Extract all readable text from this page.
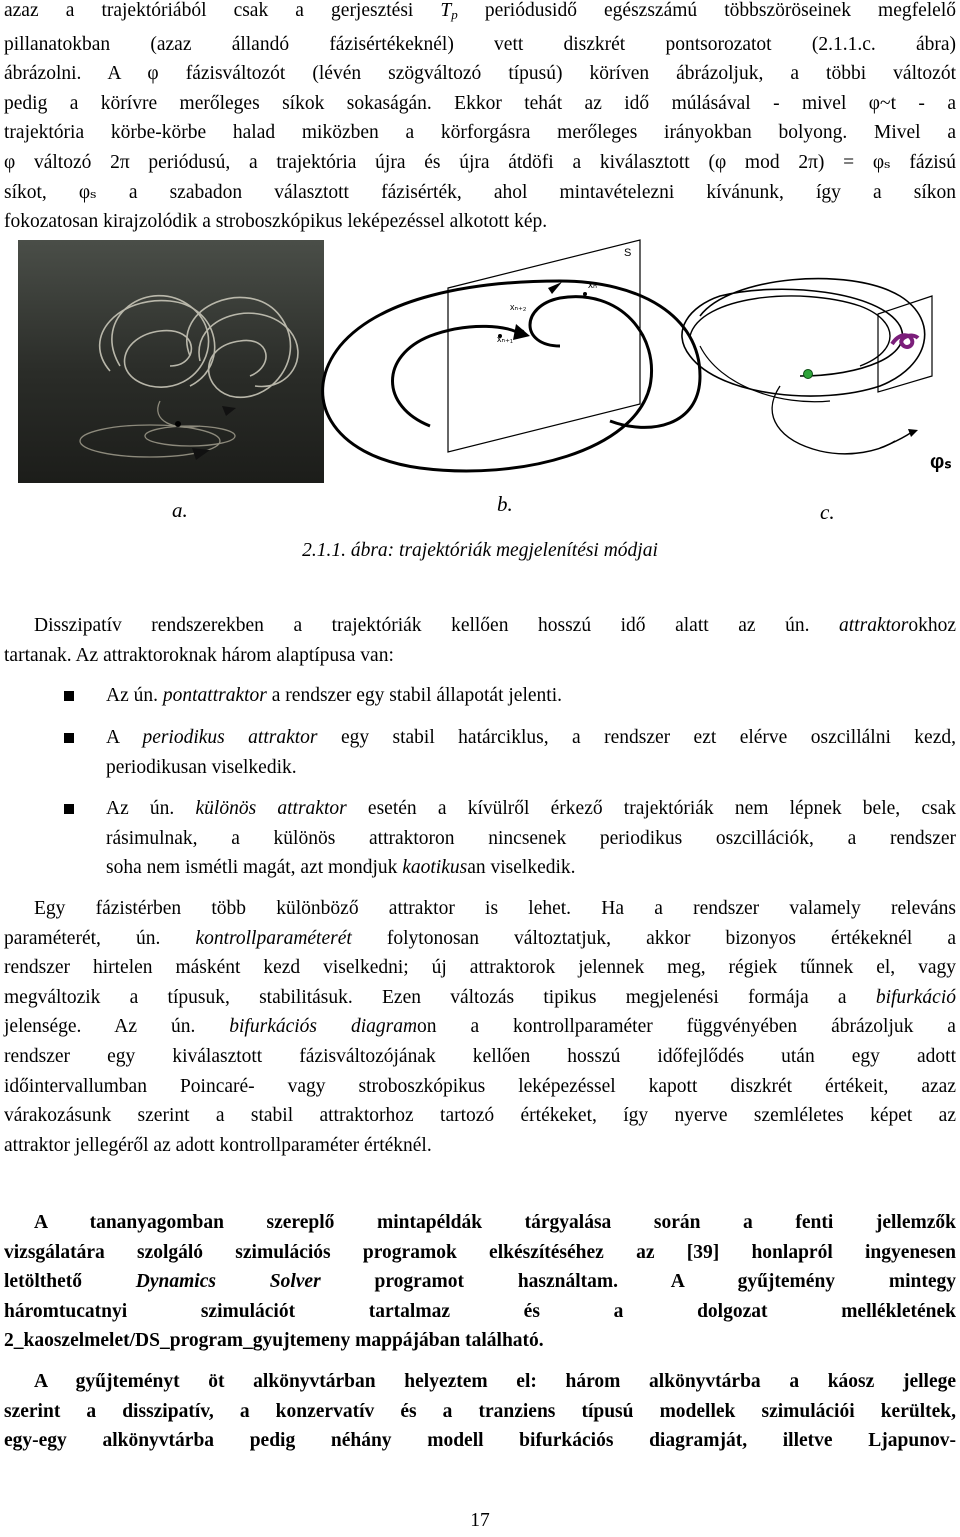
azaz a trajektóriából csak a gerjesztési $T_p$ periódusidő egészszámú többszöröseinek megfelelő
pillanatokban (azaz állandó fázisértékeknél) vett diszkrét pontsorozatot (2.1.1.c. ábra)
ábrázolni. A φ fázisváltozót (lévén szögváltozó típusú) köríven ábrázoljuk, a többi változót
pedig a körívre merőleges síkok sokaságán. Ekkor tehát az idő múlásával - mivel φ~t - a
trajektória körbe-körbe halad miközben a körforgásra merőleges irányokban bolyong. Mivel a
φ változó 2π periódusú, a trajektória újra és újra átdöfi a kiválasztott (φ mod 2π) = φₛ fázisú
síkot, φₛ a szabadon választott fázisérték, ahol mintavételezni kívánunk, így a síkon
fokozatosan kirajzolódik a stroboszkópikus leképezéssel alkotott kép.
S
xₙ
xₙ₊₂
xₙ₊₁
φₛ
a.	b.	c.
2.1.1. ábra: trajektóriák megjelenítési módjai
Disszipatív rendszerekben a trajektóriák kellően hosszú idő alatt az ún. attraktorokhoz
tartanak. Az attraktoroknak három alaptípusa van:
Az ún. pontattraktor a rendszer egy stabil állapotát jelenti.
A periodikus attraktor egy stabil határciklus, a rendszer ezt elérve oszcillálni kezd,
periodikusan viselkedik.
Az ún. különös attraktor esetén a kívülről érkező trajektóriák nem lépnek bele, csak
rásimulnak, a különös attraktoron nincsenek periodikus oszcillációk, a rendszer
soha nem ismétli magát, azt mondjuk kaotikusan viselkedik.
Egy fázistérben több különböző attraktor is lehet. Ha a rendszer valamely releváns
paraméterét, ún. kontrollparaméterét folytonosan változtatjuk, akkor bizonyos értékeknél a
rendszer hirtelen másként kezd viselkedni; új attraktorok jelennek meg, régiek tűnnek el, vagy
megváltozik a típusuk, stabilitásuk. Ezen változás tipikus megjelenési formája a bifurkáció
jelensége. Az ún. bifurkációs diagramon a kontrollparaméter függvényében ábrázoljuk a
rendszer egy kiválasztott fázisváltozójának kellően hosszú időfejlődés után egy adott
időintervallumban Poincaré- vagy stroboszkópikus leképezéssel kapott diszkrét értékeit, azaz
várakozásunk szerint a stabil attraktorhoz tartozó értékeket, így nyerve szemléletes képet az
attraktor jellegéről az adott kontrollparaméter értéknél.
A tananyagomban szereplő mintapéldák tárgyalása során a fenti jellemzők
vizsgálatára szolgáló szimulációs programok elkészítéséhez az [39] honlapról ingyenesen
letölthető	Dynamics Solver	programot használtam. A gyűjtemény mintegy
háromtucatnyi szimulációt tartalmaz és a dolgozat mellékletének
2_kaoszelmelet/DS_program_gyujtemeny mappájában található.
A gyűjteményt öt alkönyvtárban helyeztem el: három alkönyvtárba a káosz jellege
szerint a disszipatív, a konzervatív és a tranziens típusú modellek szimulációi kerültek,
egy-egy alkönyvtárba pedig néhány modell bifurkációs diagramját, illetve Ljapunov-
17
